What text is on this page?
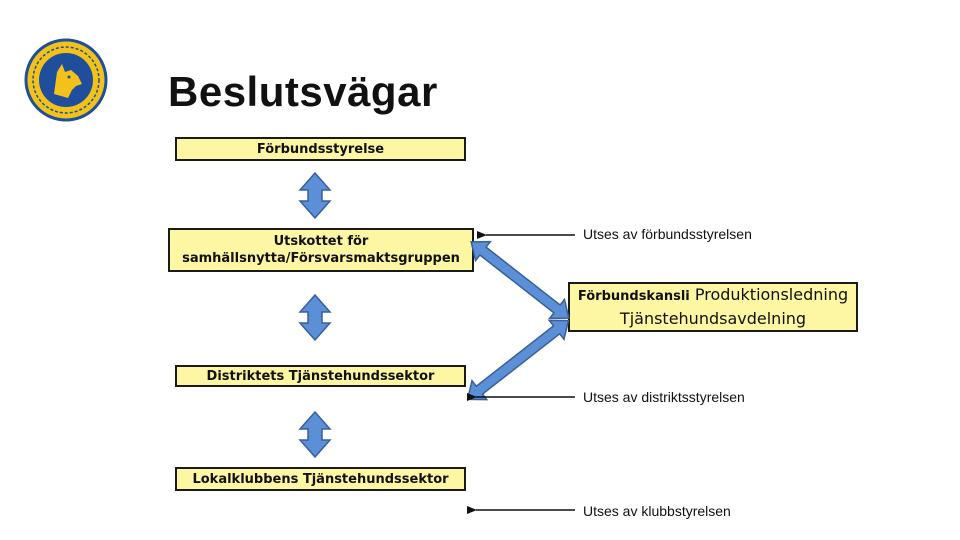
Beslutsvägar
Förbundsstyrelse
Utskottet för
samhällsnytta/Försvarsmaktsgruppen
Förbundskansli Produktionsledning
Tjänstehundsavdelning
Distriktets Tjänstehundssektor
Lokalklubbens Tjänstehundssektor
Utses av förbundsstyrelsen
Utses av distriktsstyrelsen
Utses av klubbstyrelsen
